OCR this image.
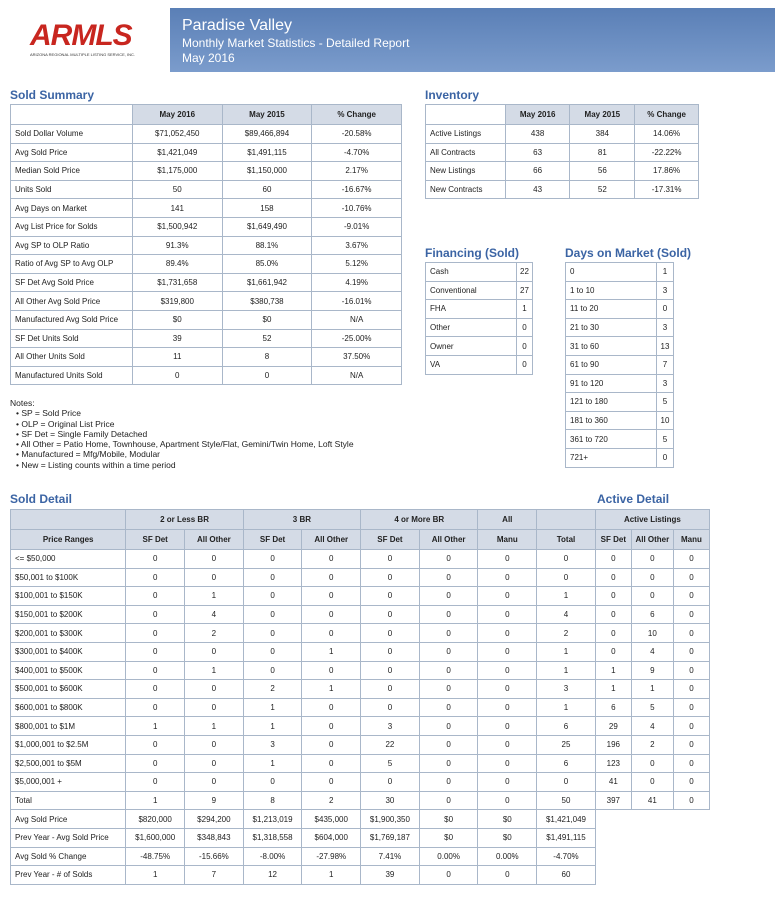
ARMLS
ARIZONA REGIONAL MULTIPLE LISTING SERVICE, INC.
Paradise Valley
Monthly Market Statistics - Detailed Report
May 2016
Sold Summary
	May 2016	May 2015	% Change
Sold Dollar Volume	$71,052,450	$89,466,894	-20.58%
Avg Sold Price	$1,421,049	$1,491,115	-4.70%
Median Sold Price	$1,175,000	$1,150,000	2.17%
Units Sold	50	60	-16.67%
Avg Days on Market	141	158	-10.76%
Avg List Price for Solds	$1,500,942	$1,649,490	-9.01%
Avg SP to OLP Ratio	91.3%	88.1%	3.67%
Ratio of Avg SP to Avg OLP	89.4%	85.0%	5.12%
SF Det Avg Sold Price	$1,731,658	$1,661,942	4.19%
All Other Avg Sold Price	$319,800	$380,738	-16.01%
Manufactured Avg Sold Price	$0	$0	N/A
SF Det Units Sold	39	52	-25.00%
All Other Units Sold	11	8	37.50%
Manufactured Units Sold	0	0	N/A
Inventory
	May 2016	May 2015	% Change
Active Listings	438	384	14.06%
All Contracts	63	81	-22.22%
New Listings	66	56	17.86%
New Contracts	43	52	-17.31%
Financing (Sold)
Cash	22
Conventional	27
FHA	1
Other	0
Owner	0
VA	0
Days on Market (Sold)
0	1
1 to 10	3
11 to 20	0
21 to 30	3
31 to 60	13
61 to 90	7
91 to 120	3
121 to 180	5
181 to 360	10
361 to 720	5
721+	0
Notes:
• SP = Sold Price
• OLP = Original List Price
• SF Det = Single Family Detached
• All Other = Patio Home, Townhouse, Apartment Style/Flat, Gemini/Twin Home, Loft Style
• Manufactured = Mfg/Mobile, Modular
• New = Listing counts within a time period
Sold Detail	Active Detail
	2 or Less BR		3 BR		4 or More BR		All		Active Listings		
Price Ranges	SF Det	All Other	SF Det	All Other	SF Det	All Other	Manu	Total	SF Det	All Other	Manu
<= $50,000	0	0	0	0	0	0	0	0	0	0	0
$50,001 to $100K	0	0	0	0	0	0	0	0	0	0	0
$100,001 to $150K	0	1	0	0	0	0	0	1	0	0	0
$150,001 to $200K	0	4	0	0	0	0	0	4	0	6	0
$200,001 to $300K	0	2	0	0	0	0	0	2	0	10	0
$300,001 to $400K	0	0	0	1	0	0	0	1	0	4	0
$400,001 to $500K	0	1	0	0	0	0	0	1	1	9	0
$500,001 to $600K	0	0	2	1	0	0	0	3	1	1	0
$600,001 to $800K	0	0	1	0	0	0	0	1	6	5	0
$800,001 to $1M	1	1	1	0	3	0	0	6	29	4	0
$1,000,001 to $2.5M	0	0	3	0	22	0	0	25	196	2	0
$2,500,001 to $5M	0	0	1	0	5	0	0	6	123	0	0
$5,000,001 +	0	0	0	0	0	0	0	0	41	0	0
Total	1	9	8	2	30	0	0	50	397	41	0
Avg Sold Price	$820,000	$294,200	$1,213,019	$435,000	$1,900,350	$0	$0	$1,421,049			
Prev Year - Avg Sold Price	$1,600,000	$348,843	$1,318,558	$604,000	$1,769,187	$0	$0	$1,491,115			
Avg Sold % Change	-48.75%	-15.66%	-8.00%	-27.98%	7.41%	0.00%	0.00%	-4.70%			
Prev Year - # of Solds	1	7	12	1	39	0	0	60			
